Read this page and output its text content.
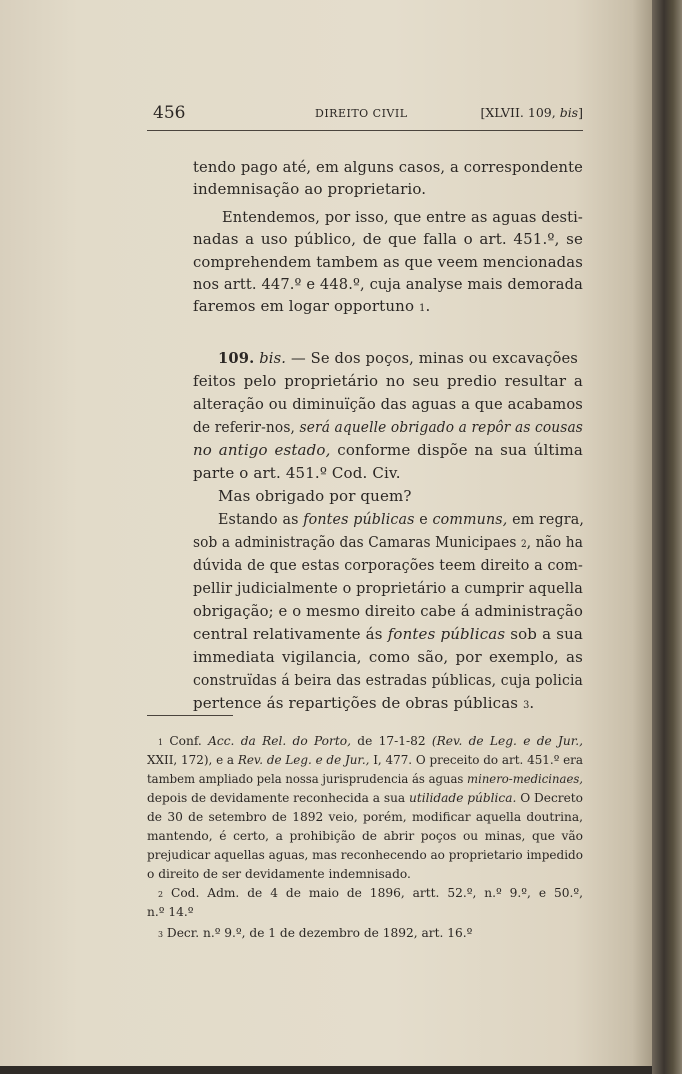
456	DIREITO CIVIL	[XLVII. 109, bis]
tendo pago até, em alguns casos, a correspondente
indemnisação ao proprietario.
Entendemos, por isso, que entre as aguas desti-
nadas a uso público, de que falla o art. 451.º, se
comprehendem tambem as que veem mencionadas
nos artt. 447.º e 448.º, cuja analyse mais demorada
faremos em logar opportuno $^1$.
109. bis. — Se dos poços, minas ou excavações
feitos pelo proprietário no seu predio resultar a
alteração ou diminuïção das aguas a que acabamos
de referir-nos, será aquelle obrigado a repôr as cousas
no antigo estado, conforme dispõe na sua última
parte o art. 451.º Cod. Civ.
Mas obrigado por quem?
Estando as fontes públicas e communs, em regra,
sob a administração das Camaras Municipaes $^2$, não ha
dúvida de que estas corporações teem direito a com-
pellir judicialmente o proprietário a cumprir aquella
obrigação; e o mesmo direito cabe á administração
central relativamente ás fontes públicas sob a sua
immediata vigilancia, como são, por exemplo, as
construïdas á beira das estradas públicas, cuja policia
pertence ás repartições de obras públicas $^3$.
$^1$ Conf. Acc. da Rel. do Porto, de 17-1-82 (Rev. de Leg. e de Jur.,
XXII, 172), e a Rev. de Leg. e de Jur., I, 477. O preceito do art. 451.º era
tambem ampliado pela nossa jurisprudencia ás aguas minero-medicinaes,
depois de devidamente reconhecida a sua utilidade pública. O Decreto
de 30 de setembro de 1892 veio, porém, modificar aquella doutrina,
mantendo, é certo, a prohibição de abrir poços ou minas, que vão
prejudicar aquellas aguas, mas reconhecendo ao proprietario impedido
o direito de ser devidamente indemnisado.
$^2$ Cod. Adm. de 4 de maio de 1896, artt. 52.º, n.º 9.º, e 50.º,
n.º 14.º
$^3$ Decr. n.º 9.º, de 1 de dezembro de 1892, art. 16.º
